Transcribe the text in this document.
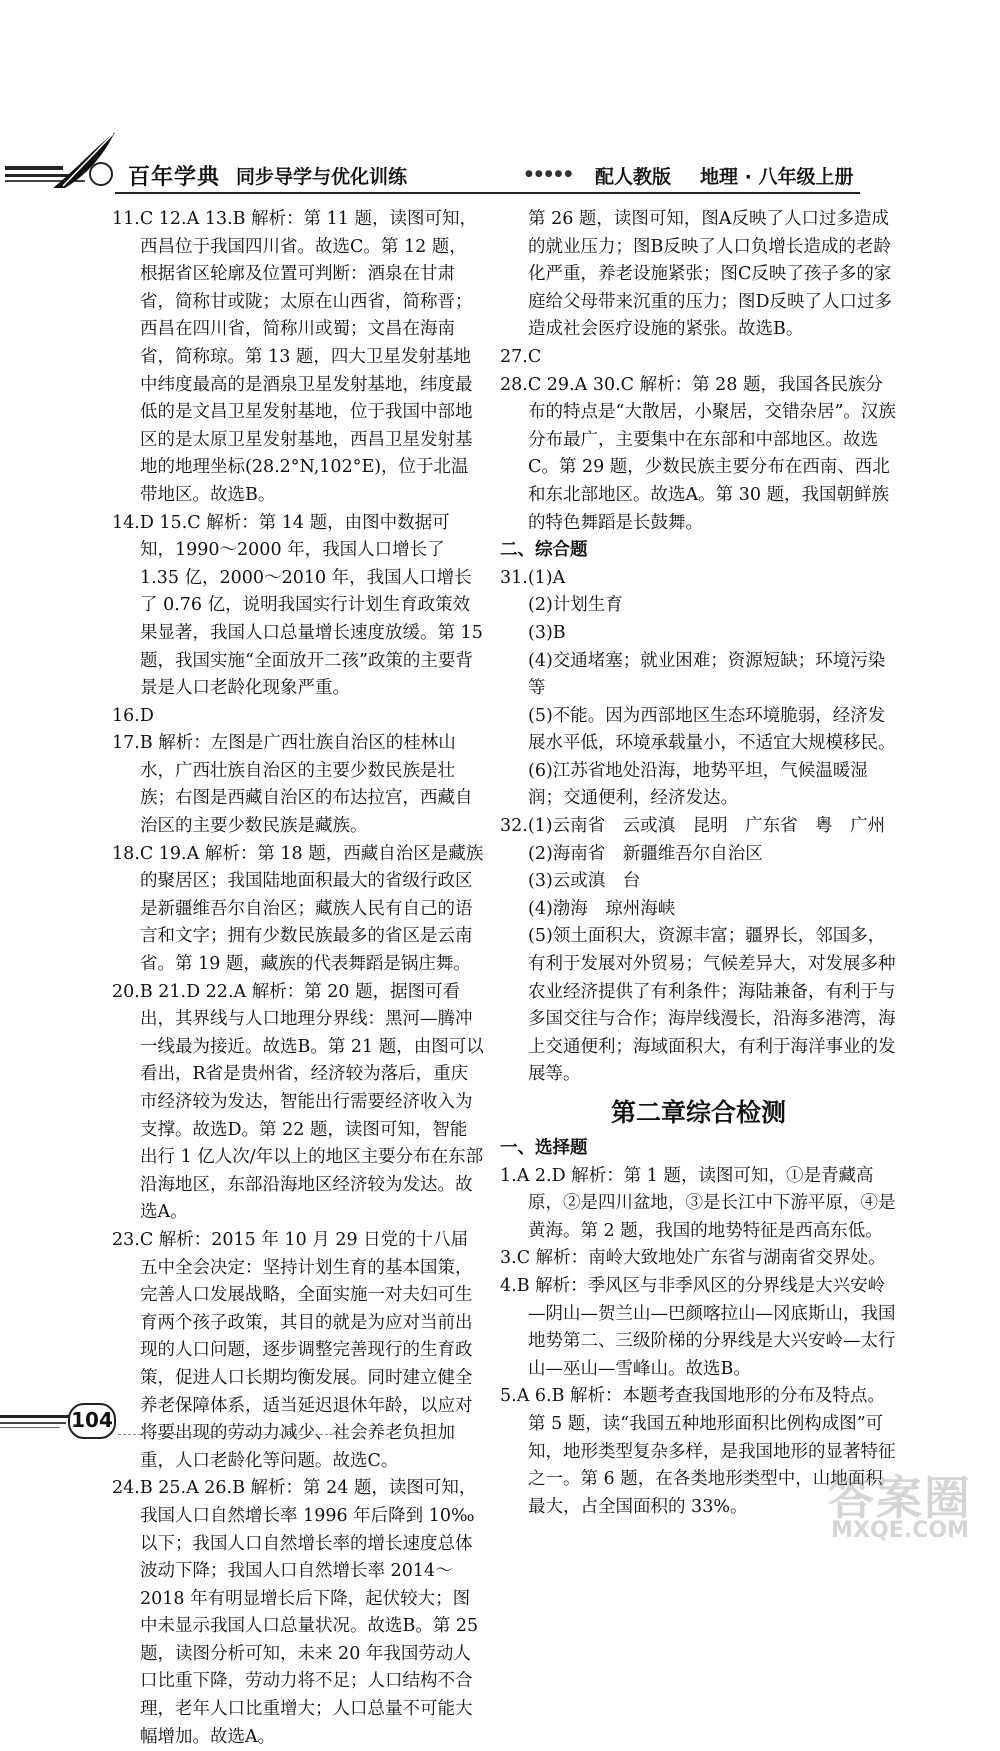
百年学典 同步导学与优化训练	●●●●● 配人教版 地理 · 八年级上册

11.C 12.A 13.B 解析：第 11 题，读图可知，西昌位于我国四川省。故选C。第 12 题，根据省区轮廓及位置可判断：酒泉在甘肃省，简称甘或陇；太原在山西省，简称晋；西昌在四川省，简称川或蜀；文昌在海南省，简称琼。第 13 题，四大卫星发射基地中纬度最高的是酒泉卫星发射基地，纬度最低的是文昌卫星发射基地，位于我国中部地区的是太原卫星发射基地，西昌卫星发射基地的地理坐标(28.2°N,102°E)，位于北温带地区。故选B。

14.D 15.C 解析：第 14 题，由图中数据可知，1990～2000 年，我国人口增长了 1.35 亿，2000～2010 年，我国人口增长了 0.76 亿，说明我国实行计划生育政策效果显著，我国人口总量增长速度放缓。第 15 题，我国实施“全面放开二孩”政策的主要背景是人口老龄化现象严重。

16.D

17.B 解析：左图是广西壮族自治区的桂林山水，广西壮族自治区的主要少数民族是壮族；右图是西藏自治区的布达拉宫，西藏自治区的主要少数民族是藏族。

18.C 19.A 解析：第 18 题，西藏自治区是藏族的聚居区；我国陆地面积最大的省级行政区是新疆维吾尔自治区；藏族人民有自己的语言和文字；拥有少数民族最多的省区是云南省。第 19 题，藏族的代表舞蹈是锅庄舞。

20.B 21.D 22.A 解析：第 20 题，据图可看出，其界线与人口地理分界线：黑河—腾冲一线最为接近。故选B。第 21 题，由图可以看出，R省是贵州省，经济较为落后，重庆市经济较为发达，智能出行需要经济收入为支撑。故选D。第 22 题，读图可知，智能出行 1 亿人次/年以上的地区主要分布在东部沿海地区，东部沿海地区经济较为发达。故选A。

23.C 解析：2015 年 10 月 29 日党的十八届五中全会决定：坚持计划生育的基本国策，完善人口发展战略，全面实施一对夫妇可生育两个孩子政策，其目的就是为应对当前出现的人口问题，逐步调整完善现行的生育政策，促进人口长期均衡发展。同时建立健全养老保障体系，适当延迟退休年龄，以应对将要出现的劳动力减少、社会养老负担加重，人口老龄化等问题。故选C。

24.B 25.A 26.B 解析：第 24 题，读图可知，我国人口自然增长率 1996 年后降到 10‰以下；我国人口自然增长率的增长速度总体波动下降；我国人口自然增长率 2014～2018 年有明显增长后下降，起伏较大；图中未显示我国人口总量状况。故选B。第 25 题，读图分析可知，未来 20 年我国劳动人口比重下降，劳动力将不足；人口结构不合理，老年人口比重增大；人口总量不可能大幅增加。故选A。

第 26 题，读图可知，图A反映了人口过多造成的就业压力；图B反映了人口负增长造成的老龄化严重，养老设施紧张；图C反映了孩子多的家庭给父母带来沉重的压力；图D反映了人口过多造成社会医疗设施的紧张。故选B。

27.C

28.C 29.A 30.C 解析：第 28 题，我国各民族分布的特点是“大散居，小聚居，交错杂居”。汉族分布最广，主要集中在东部和中部地区。故选C。第 29 题，少数民族主要分布在西南、西北和东北部地区。故选A。第 30 题，我国朝鲜族的特色舞蹈是长鼓舞。

二、综合题

31.(1)A

(2)计划生育

(3)B

(4)交通堵塞；就业困难；资源短缺；环境污染等

(5)不能。因为西部地区生态环境脆弱，经济发展水平低，环境承载量小，不适宜大规模移民。

(6)江苏省地处沿海，地势平坦，气候温暖湿润；交通便利，经济发达。

32.(1)云南省　云或滇　昆明　广东省　粤　广州

(2)海南省　新疆维吾尔自治区

(3)云或滇　台

(4)渤海　琼州海峡

(5)领土面积大，资源丰富；疆界长，邻国多，有利于发展对外贸易；气候差异大，对发展多种农业经济提供了有利条件；海陆兼备，有利于与多国交往与合作；海岸线漫长，沿海多港湾，海上交通便利；海域面积大，有利于海洋事业的发展等。

第二章综合检测

一、选择题

1.A 2.D 解析：第 1 题，读图可知，①是青藏高原，②是四川盆地，③是长江中下游平原，④是黄海。第 2 题，我国的地势特征是西高东低。

3.C 解析：南岭大致地处广东省与湖南省交界处。

4.B 解析：季风区与非季风区的分界线是大兴安岭—阴山—贺兰山—巴颜喀拉山—冈底斯山，我国地势第二、三级阶梯的分界线是大兴安岭—太行山—巫山—雪峰山。故选B。

5.A 6.B 解析：本题考查我国地形的分布及特点。第 5 题，读“我国五种地形面积比例构成图”可知，地形类型复杂多样，是我国地形的显著特征之一。第 6 题，在各类地形类型中，山地面积最大，占全国面积的 33%。

104
答案圈
MXQE.COM
